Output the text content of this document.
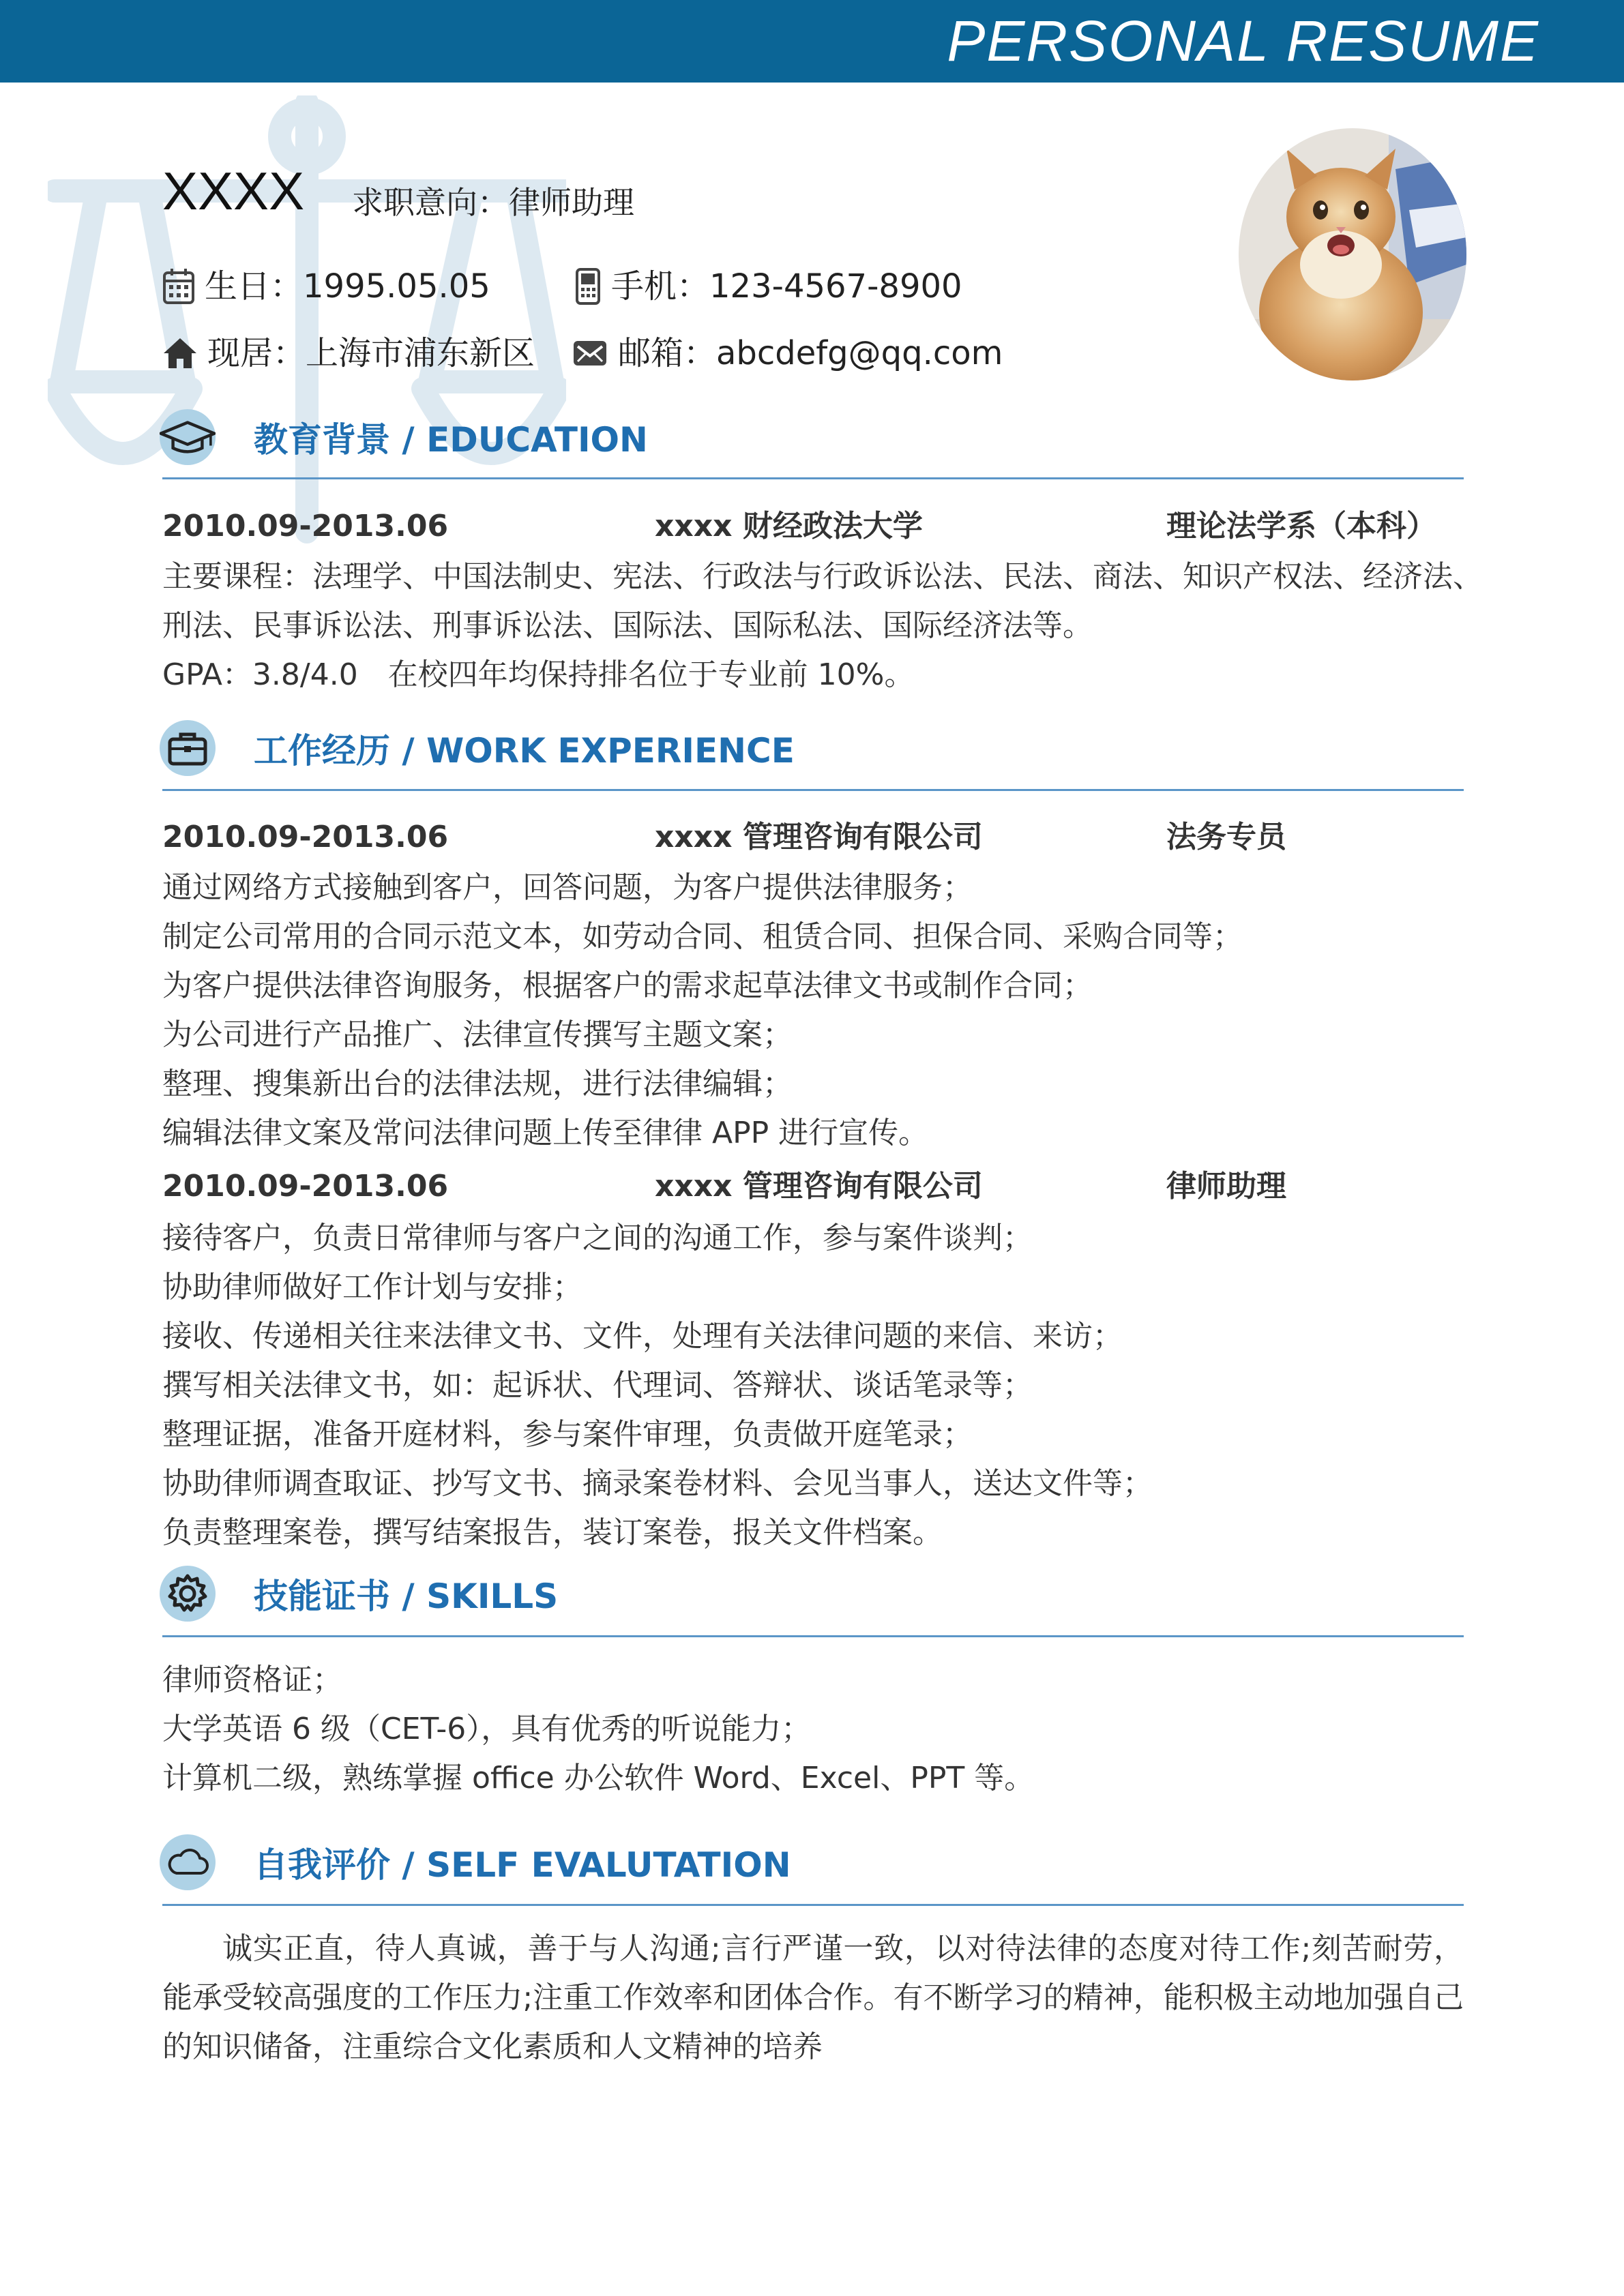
PERSONAL RESUME
XXXX 求职意向：律师助理
生日：1995.05.05	手机：123-4567-8900
现居：上海市浦东新区	邮箱：abcdefg@qq.com
教育背景 / EDUCATION
2010.09-2013.06	xxxx 财经政法大学	理论法学系（本科）
主要课程：法理学、中国法制史、宪法、行政法与行政诉讼法、民法、商法、知识产权法、经济法、
刑法、民事诉讼法、刑事诉讼法、国际法、国际私法、国际经济法等。
GPA：3.8/4.0　在校四年均保持排名位于专业前 10%。
工作经历 / WORK EXPERIENCE
2010.09-2013.06	xxxx 管理咨询有限公司	法务专员
通过网络方式接触到客户，回答问题，为客户提供法律服务；
制定公司常用的合同示范文本，如劳动合同、租赁合同、担保合同、采购合同等；
为客户提供法律咨询服务，根据客户的需求起草法律文书或制作合同；
为公司进行产品推广、法律宣传撰写主题文案；
整理、搜集新出台的法律法规，进行法律编辑；
编辑法律文案及常问法律问题上传至律律 APP 进行宣传。
2010.09-2013.06	xxxx 管理咨询有限公司	律师助理
接待客户，负责日常律师与客户之间的沟通工作，参与案件谈判；
协助律师做好工作计划与安排；
接收、传递相关往来法律文书、文件，处理有关法律问题的来信、来访；
撰写相关法律文书，如：起诉状、代理词、答辩状、谈话笔录等；
整理证据，准备开庭材料，参与案件审理，负责做开庭笔录；
协助律师调查取证、抄写文书、摘录案卷材料、会见当事人，送达文件等；
负责整理案卷，撰写结案报告，装订案卷，报关文件档案。
技能证书 / SKILLS
律师资格证；
大学英语 6 级（CET-6），具有优秀的听说能力；
计算机二级，熟练掌握 office 办公软件 Word、Excel、PPT 等。
自我评价 / SELF EVALUTATION
诚实正直，待人真诚，善于与人沟通;言行严谨一致，以对待法律的态度对待工作;刻苦耐劳，能承受较高强度的工作压力;注重工作效率和团体合作。有不断学习的精神，能积极主动地加强自己的知识储备，注重综合文化素质和人文精神的培养
